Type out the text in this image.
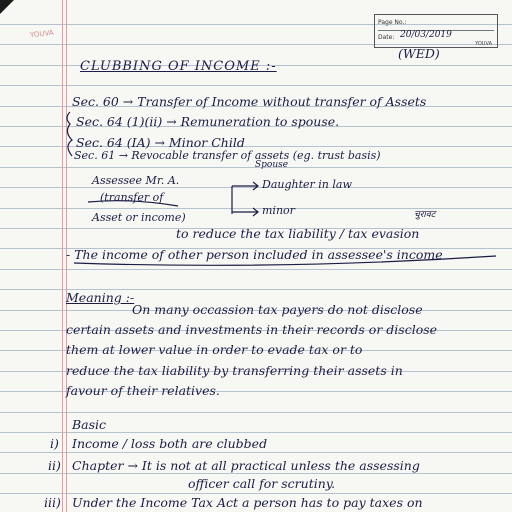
YOUVA
Page No.:
Date: 20/03/2019
YOUVA
(WED)
CLUBBING OF INCOME :-
Sec. 60 → Transfer of Income without transfer of Assets
Sec. 64 (1)(ii) → Remuneration to spouse.
Sec. 64 (IA) → Minor Child
Sec. 61 → Revocable transfer of assets (eg. trust basis)
Spouse
Assessee Mr. A.
(transfer of
Asset or income)
Daughter in law
minor	चुरावट
to reduce the tax liability / tax evasion
- The income of other person included in assessee's income
Meaning :-
On many occassion tax payers do not disclose
certain assets and investments in their records or disclose
them at lower value in order to evade tax or to
reduce the tax liability by transferring their assets in
favour of their relatives.
Basic
i) Income / loss both are clubbed
ii) Chapter → It is not at all practical unless the assessing
officer call for scrutiny.
iii) Under the Income Tax Act a person has to pay taxes on
